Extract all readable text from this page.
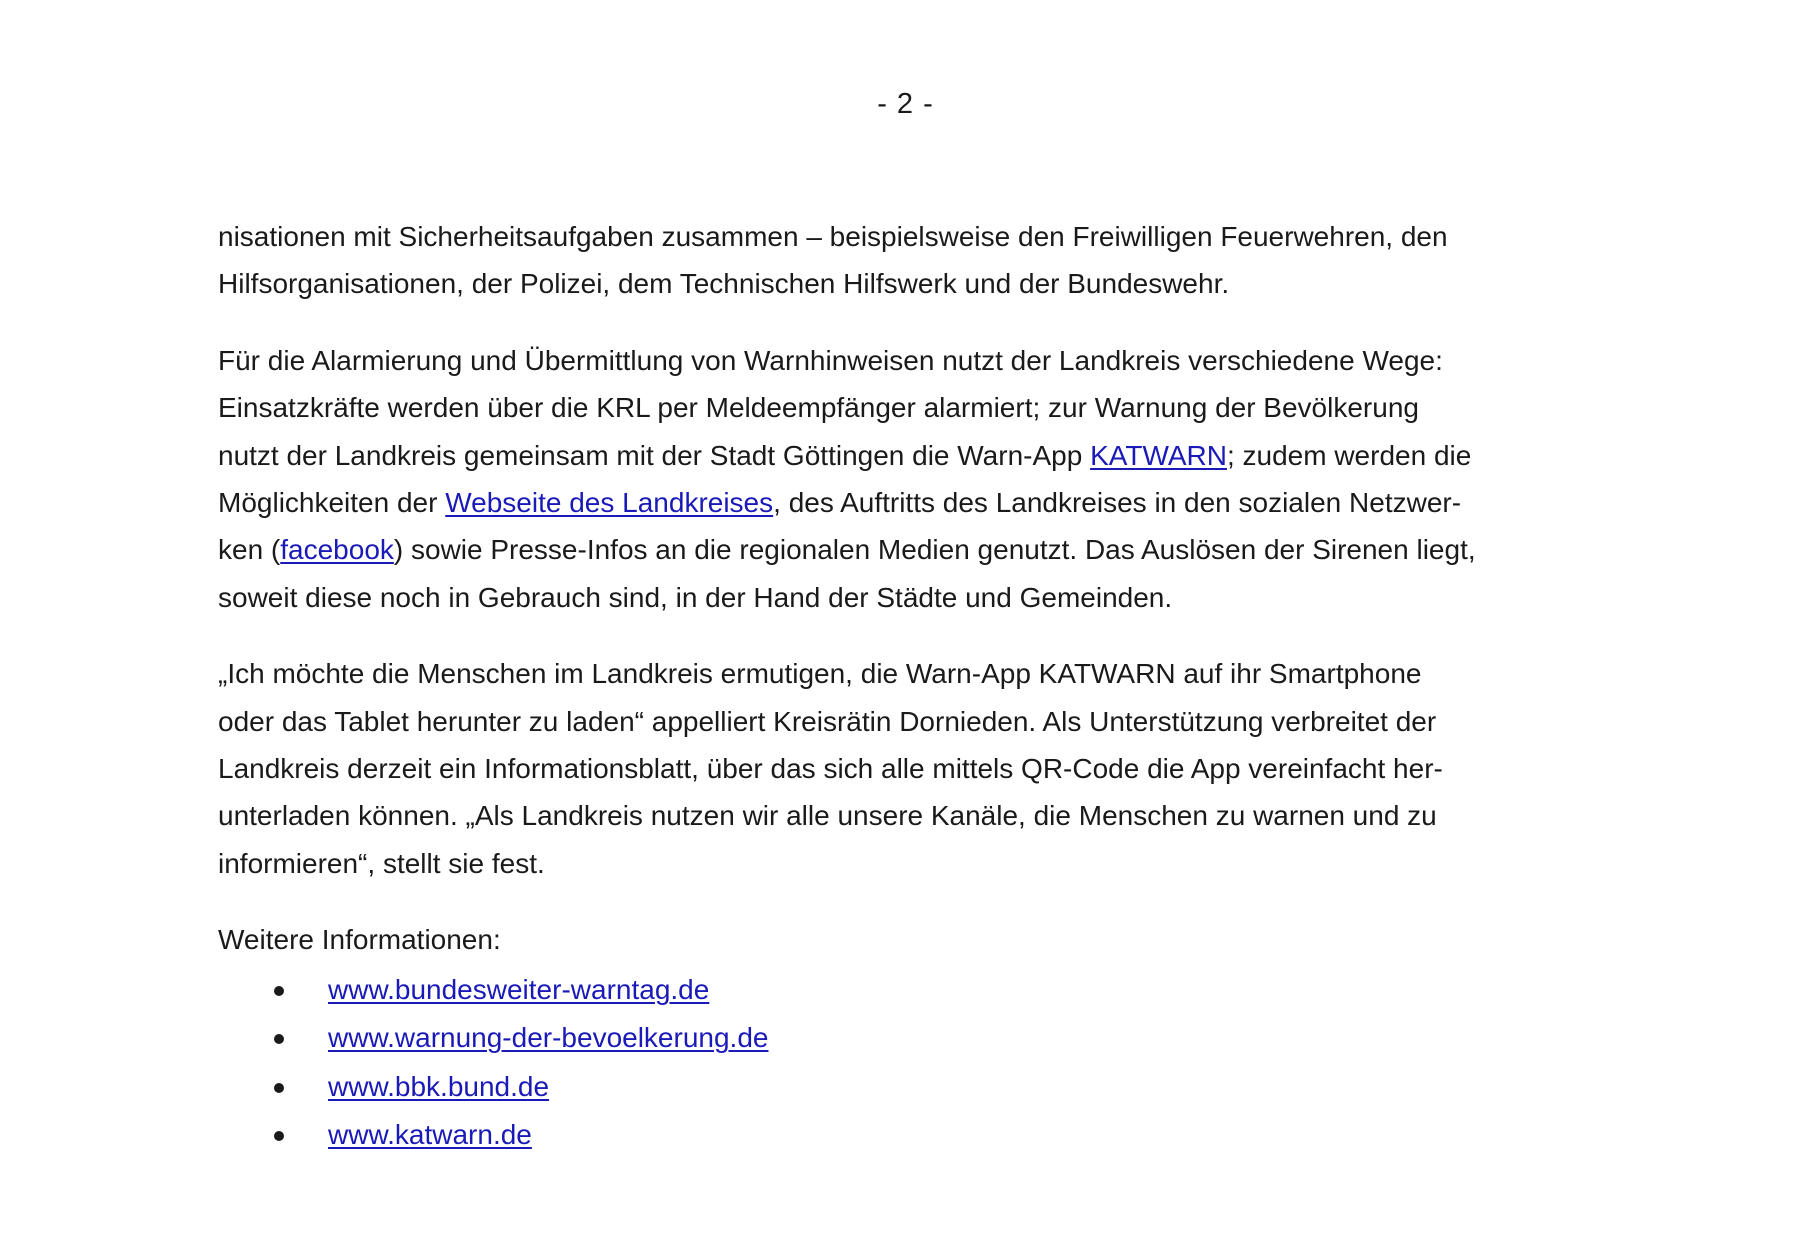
- 2 -

nisationen mit Sicherheitsaufgaben zusammen – beispielsweise den Freiwilligen Feuerwehren, den
Hilfsorganisationen, der Polizei, dem Technischen Hilfswerk und der Bundeswehr.

Für die Alarmierung und Übermittlung von Warnhinweisen nutzt der Landkreis verschiedene Wege:
Einsatzkräfte werden über die KRL per Meldeempfänger alarmiert; zur Warnung der Bevölkerung
nutzt der Landkreis gemeinsam mit der Stadt Göttingen die Warn-App KATWARN; zudem werden die
Möglichkeiten der Webseite des Landkreises, des Auftritts des Landkreises in den sozialen Netzwer-
ken (facebook) sowie Presse-Infos an die regionalen Medien genutzt. Das Auslösen der Sirenen liegt,
soweit diese noch in Gebrauch sind, in der Hand der Städte und Gemeinden.

„Ich möchte die Menschen im Landkreis ermutigen, die Warn-App KATWARN auf ihr Smartphone
oder das Tablet herunter zu laden“ appelliert Kreisrätin Dornieden. Als Unterstützung verbreitet der
Landkreis derzeit ein Informationsblatt, über das sich alle mittels QR-Code die App vereinfacht her-
unterladen können. „Als Landkreis nutzen wir alle unsere Kanäle, die Menschen zu warnen und zu
informieren“, stellt sie fest.

Weitere Informationen:

www.bundesweiter-warntag.de
www.warnung-der-bevoelkerung.de
www.bbk.bund.de
www.katwarn.de
